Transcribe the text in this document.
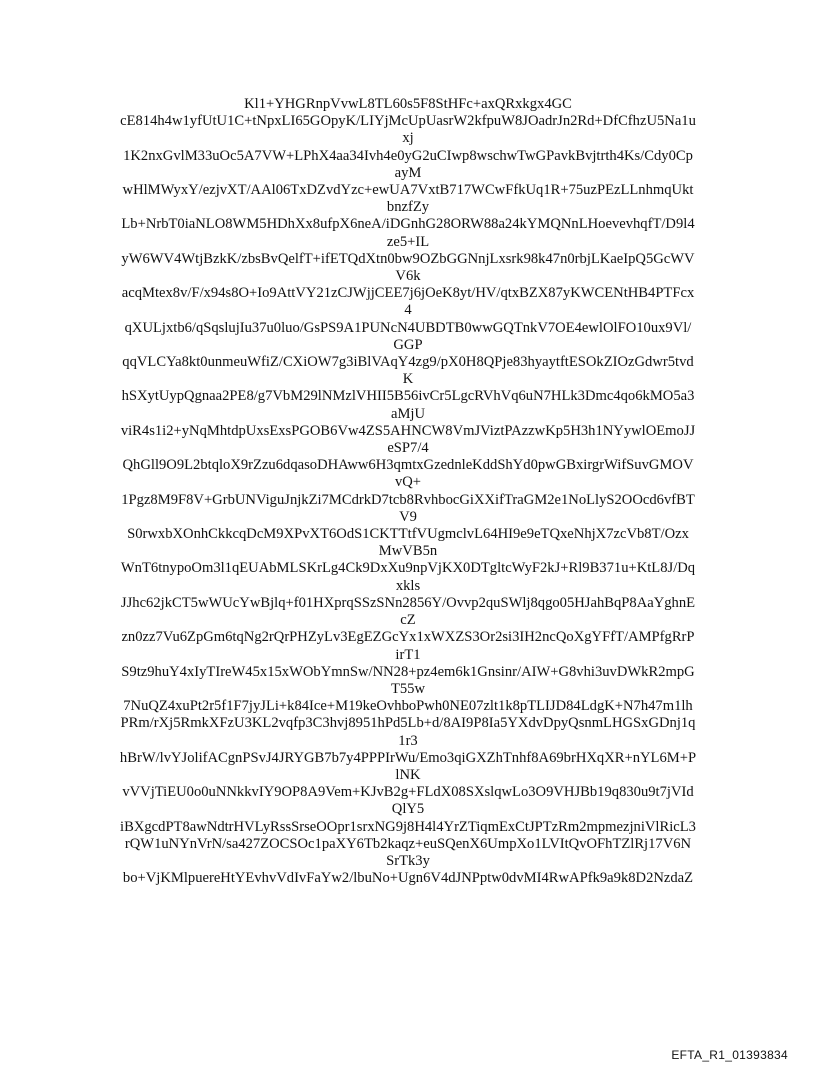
Kl1+YHGRnpVvwL8TL60s5F8StHFc+axQRxkgx4GC
cE814h4w1yfUtU1C+tNpxLI65GOpyK/LIYjMcUpUasrW2kfpuW8JOadrJn2Rd+DfCfhzU5Na1u
xj
1K2nxGvlM33uOc5A7VW+LPhX4aa34Ivh4e0yG2uCIwp8wschwTwGPavkBvjtrth4Ks/Cdy0Cp
ayM
wHlMWyxY/ezjvXT/AAl06TxDZvdYzc+ewUA7VxtB717WCwFfkUq1R+75uzPEzLLnhmqUkt
bnzfZy
Lb+NrbT0iaNLO8WM5HDhXx8ufpX6neA/iDGnhG28ORW88a24kYMQNnLHoevevhqfT/D9l4
ze5+IL
yW6WV4WtjBzkK/zbsBvQelfT+ifETQdXtn0bw9OZbGGNnjLxsrk98k47n0rbjLKaeIpQ5GcWV
V6k
acqMtex8v/F/x94s8O+Io9AttVY21zCJWjjCEE7j6jOeK8yt/HV/qtxBZX87yKWCENtHB4PTFcx
4
qXULjxtb6/qSqslujIu37u0luo/GsPS9A1PUNcN4UBDTB0wwGQTnkV7OE4ewlOlFO10ux9Vl/
GGP
qqVLCYa8kt0unmeuWfiZ/CXiOW7g3iBlVAqY4zg9/pX0H8QPje83hyaytftESOkZIOzGdwr5tvd
K
hSXytUypQgnaa2PE8/g7VbM29lNMzlVHII5B56ivCr5LgcRVhVq6uN7HLk3Dmc4qo6kMO5a3
aMjU
viR4s1i2+yNqMhtdpUxsExsPGOB6Vw4ZS5AHNCW8VmJViztPAzzwKp5H3h1NYywlOEmoJJ
eSP7/4
QhGll9O9L2btqloX9rZzu6dqasoDHAww6H3qmtxGzednleKddShYd0pwGBxirgrWifSuvGMOV
vQ+
1Pgz8M9F8V+GrbUNViguJnjkZi7MCdrkD7tcb8RvhbocGiXXifTraGM2e1NoLlyS2OOcd6vfBT
V9
S0rwxbXOnhCkkcqDcM9XPvXT6OdS1CKTTtfVUgmclvL64HI9e9eTQxeNhjX7zcVb8T/Ozx
MwVB5n
WnT6tnypoOm3l1qEUAbMLSKrLg4Ck9DxXu9npVjKX0DTgltcWyF2kJ+Rl9B371u+KtL8J/Dq
xkls
JJhc62jkCT5wWUcYwBjlq+f01HXprqSSzSNn2856Y/Ovvp2quSWlj8qgo05HJahBqP8AaYghnE
cZ
zn0zz7Vu6ZpGm6tqNg2rQrPHZyLv3EgEZGcYx1xWXZS3Or2si3IH2ncQoXgYFfT/AMPfgRrP
irT1
S9tz9huY4xIyTIreW45x15xWObYmnSw/NN28+pz4em6k1Gnsinr/AIW+G8vhi3uvDWkR2mpG
T55w
7NuQZ4xuPt2r5f1F7jyJLi+k84Ice+M19keOvhboPwh0NE07zlt1k8pTLIJD84LdgK+N7h47m1lh
PRm/rXj5RmkXFzU3KL2vqfp3C3hvj8951hPd5Lb+d/8AI9P8Ia5YXdvDpyQsnmLHGSxGDnj1q
1r3
hBrW/lvYJolifACgnPSvJ4JRYGB7b7y4PPPIrWu/Emo3qiGXZhTnhf8A69brHXqXR+nYL6M+P
lNK
vVVjTiEU0o0uNNkkvIY9OP8A9Vem+KJvB2g+FLdX08SXslqwLo3O9VHJBb19q830u9t7jVId
QlY5
iBXgcdPT8awNdtrHVLyRssSrseOOpr1srxNG9j8H4l4YrZTiqmExCtJPTzRm2mpmezjniVlRicL3
rQW1uNYnVrN/sa427ZOCSOc1paXY6Tb2kaqz+euSQenX6UmpXo1LVItQvOFhTZlRj17V6N
SrTk3y
bo+VjKMlpuereHtYEvhvVdIvFaYw2/lbuNo+Ugn6V4dJNPptw0dvMI4RwAPfk9a9k8D2NzdaZ
EFTA_R1_01393834
